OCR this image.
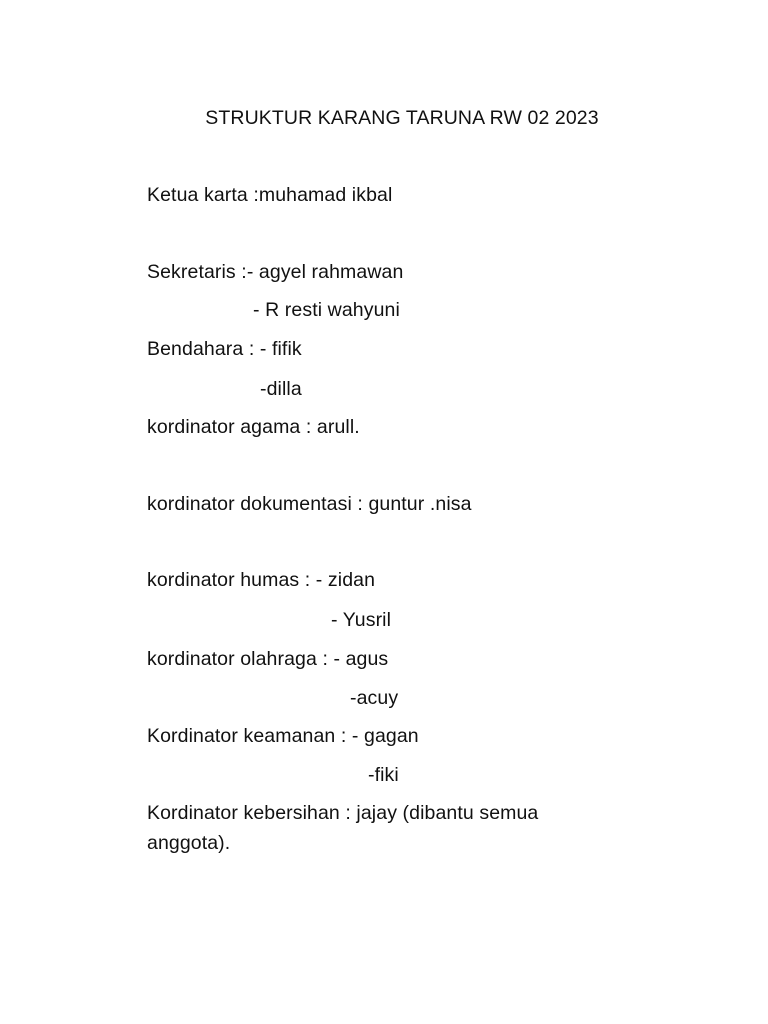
STRUKTUR KARANG TARUNA RW 02 2023
Ketua karta :muhamad ikbal
Sekretaris :- agyel rahmawan
- R resti wahyuni
Bendahara : - fifik
-dilla
kordinator agama : arull.
kordinator dokumentasi : guntur .nisa
kordinator humas : - zidan
- Yusril
kordinator olahraga : - agus
-acuy
Kordinator keamanan : - gagan
-fiki
Kordinator kebersihan : jajay (dibantu semua
anggota).
